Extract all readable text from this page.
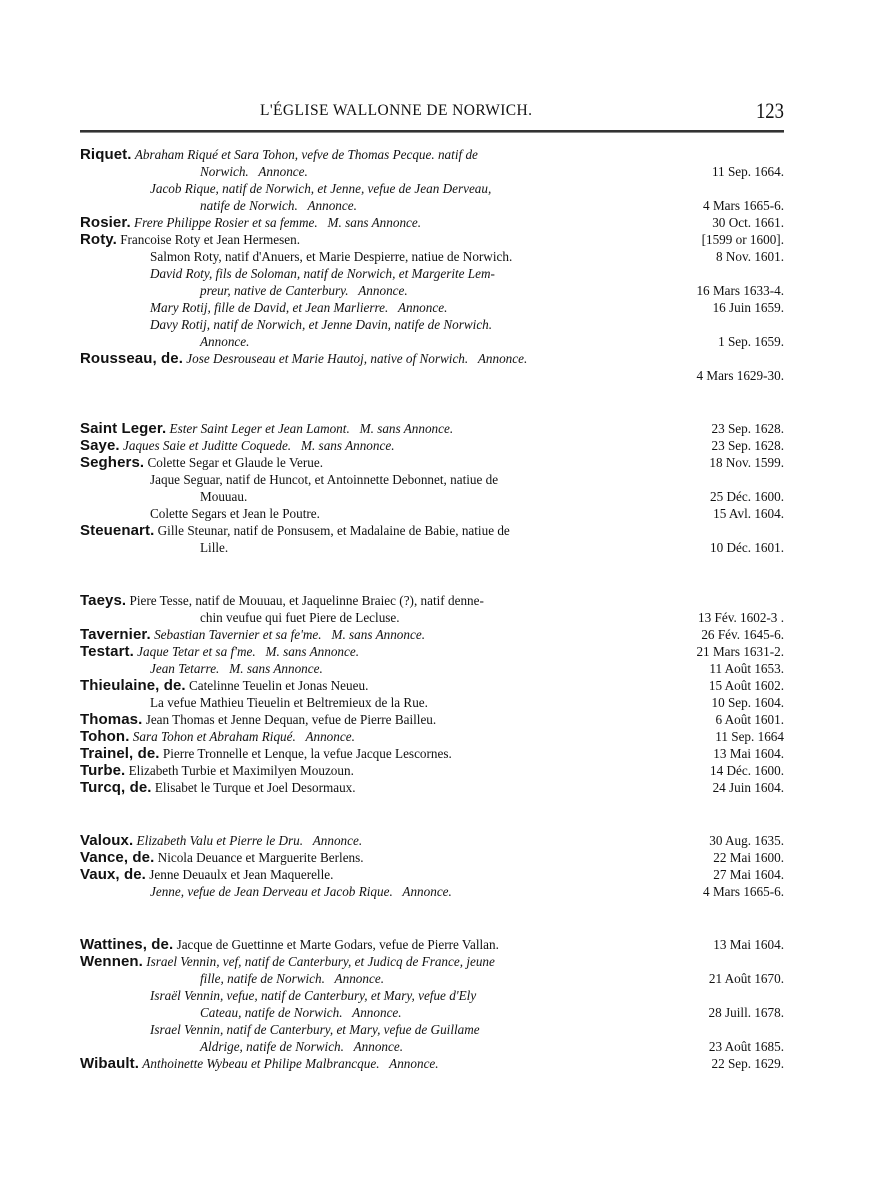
L'ÉGLISE WALLONNE DE NORWICH.	123
Riquet. Abraham Riqué et Sara Tohon, vefve de Thomas Pecque. natif de
Norwich.   Annonce.	11 Sep. 1664.
Jacob Rique, natif de Norwich, et Jenne, vefue de Jean Derveau,
natife de Norwich.   Annonce.	4 Mars 1665-6.
Rosier. Frere Philippe Rosier et sa femme.   M. sans Annonce.	30 Oct. 1661.
Roty. Francoise Roty et Jean Hermesen.	[1599 or 1600].
Salmon Roty, natif d'Anuers, et Marie Despierre, natiue de Norwich.	8 Nov. 1601.
David Roty, fils de Soloman, natif de Norwich, et Margerite Lem-
preur, native de Canterbury.   Annonce.	16 Mars 1633-4.
Mary Rotij, fille de David, et Jean Marlierre.   Annonce.	16 Juin 1659.
Davy Rotij, natif de Norwich, et Jenne Davin, natife de Norwich.
Annonce.	1 Sep. 1659.
Rousseau, de. Jose Desrouseau et Marie Hautoj, native of Norwich.   Annonce.
4 Mars 1629-30.
Saint Leger. Ester Saint Leger et Jean Lamont.   M. sans Annonce.	23 Sep. 1628.
Saye. Jaques Saie et Juditte Coquede.   M. sans Annonce.	23 Sep. 1628.
Seghers. Colette Segar et Glaude le Verue.	18 Nov. 1599.
Jaque Seguar, natif de Huncot, et Antoinnette Debonnet, natiue de
Mouuau.	25 Déc. 1600.
Colette Segars et Jean le Poutre.	15 Avl. 1604.
Steuenart. Gille Steunar, natif de Ponsusem, et Madalaine de Babie, natiue de
Lille.	10 Déc. 1601.
Taeys. Piere Tesse, natif de Mouuau, et Jaquelinne Braiec (?), natif denne-
chin veufue qui fuet Piere de Lecluse.	13 Fév. 1602-3 .
Tavernier. Sebastian Tavernier et sa fe'me.   M. sans Annonce.	26 Fév. 1645-6.
Testart. Jaque Tetar et sa f'me.   M. sans Annonce.	21 Mars 1631-2.
Jean Tetarre.   M. sans Annonce.	11 Août 1653.
Thieulaine, de. Catelinne Teuelin et Jonas Neueu.	15 Août 1602.
La vefue Mathieu Tieuelin et Beltremieux de la Rue.	10 Sep. 1604.
Thomas. Jean Thomas et Jenne Dequan, vefue de Pierre Bailleu.	6 Août 1601.
Tohon. Sara Tohon et Abraham Riqué.   Annonce.	11 Sep. 1664
Trainel, de. Pierre Tronnelle et Lenque, la vefue Jacque Lescornes.	13 Mai 1604.
Turbe. Elizabeth Turbie et Maximilyen Mouzoun.	14 Déc. 1600.
Turcq, de. Elisabet le Turque et Joel Desormaux.	24 Juin 1604.
Valoux. Elizabeth Valu et Pierre le Dru.   Annonce.	30 Aug. 1635.
Vance, de. Nicola Deuance et Marguerite Berlens.	22 Mai 1600.
Vaux, de. Jenne Deuaulx et Jean Maquerelle.	27 Mai 1604.
Jenne, vefue de Jean Derveau et Jacob Rique.   Annonce.	4 Mars 1665-6.
Wattines, de. Jacque de Guettinne et Marte Godars, vefue de Pierre Vallan.	13 Mai 1604.
Wennen. Israel Vennin, vef, natif de Canterbury, et Judicq de France, jeune
fille, natife de Norwich.   Annonce.	21 Août 1670.
Israël Vennin, vefue, natif de Canterbury, et Mary, vefue d'Ely
Cateau, natife de Norwich.   Annonce.	28 Juill. 1678.
Israel Vennin, natif de Canterbury, et Mary, vefue de Guillame
Aldrige, natife de Norwich.   Annonce.	23 Août 1685.
Wibault. Anthoinette Wybeau et Philipe Malbrancque.   Annonce.	22 Sep. 1629.
